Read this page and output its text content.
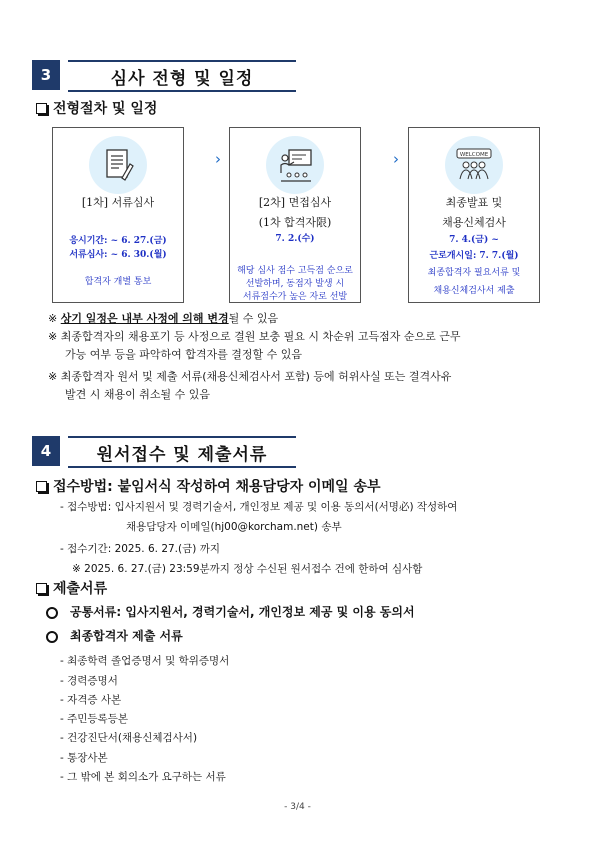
3	심사 전형 및 일정
전형절차 및 일정
[1차] 서류심사
응시기간: ~ 6. 27.(금)
서류심사: ~ 6. 30.(월)
합격자 개별 통보
›
[2차] 면접심사
(1차 합격자限)
7. 2.(수)
해당 심사 점수 고득점 순으로
선발하며, 동점자 발생 시
서류점수가 높은 자로 선발
›	WELCOME
최종발표 및
채용신체검사
7. 4.(금) ~
근로개시일: 7. 7.(월)
최종합격자 필요서류 및
채용신체검사서 제출
※ 상기 일정은 내부 사정에 의해 변경될 수 있음
※ 최종합격자의 채용포기 등 사정으로 결원 보충 필요 시 차순위 고득점자 순으로 근무
가능 여부 등을 파악하여 합격자를 결정할 수 있음
※ 최종합격자 원서 및 제출 서류(채용신체검사서 포함) 등에 허위사실 또는 결격사유
발견 시 채용이 취소될 수 있음
4	원서접수 및 제출서류
접수방법: 붙임서식 작성하여 채용담당자 이메일 송부
- 접수방법: 입사지원서 및 경력기술서, 개인정보 제공 및 이용 동의서(서명必) 작성하여
채용담당자 이메일(hj00@korcham.net) 송부
- 접수기간: 2025. 6. 27.(금) 까지
※ 2025. 6. 27.(금) 23:59분까지 정상 수신된 원서접수 건에 한하여 심사함
제출서류
공통서류: 입사지원서, 경력기술서, 개인정보 제공 및 이용 동의서
최종합격자 제출 서류
- 최종학력 졸업증명서 및 학위증명서
- 경력증명서
- 자격증 사본
- 주민등록등본
- 건강진단서(채용신체검사서)
- 통장사본
- 그 밖에 본 회의소가 요구하는 서류
- 3/4 -
